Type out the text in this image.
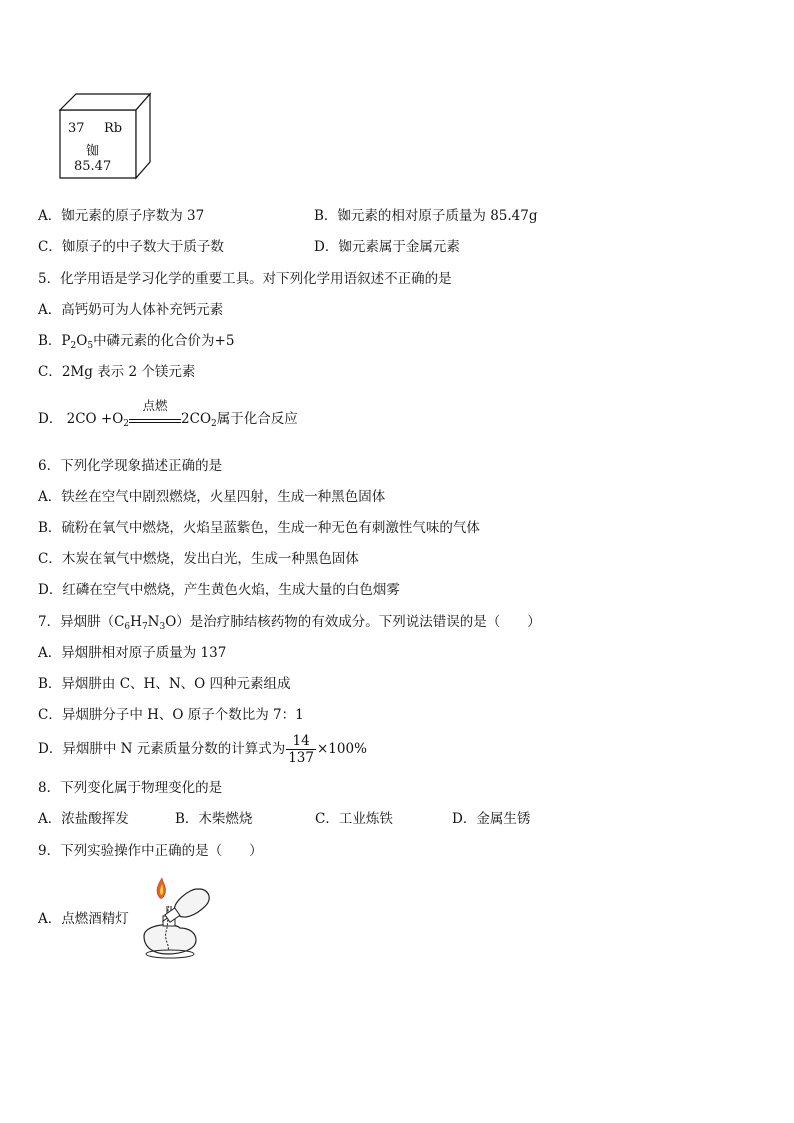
37 Rb
铷
85.47
A．铷元素的原子序数为 37	B．铷元素的相对原子质量为 85.47g
C．铷原子的中子数大于质子数	D．铷元素属于金属元素
5．化学用语是学习化学的重要工具。对下列化学用语叙述不正确的是
A．高钙奶可为人体补充钙元素
B．$P_2O_5$中磷元素的化合价为+5
C．2Mg 表示 2 个镁元素
D． $2CO +O_2$
点燃
$2CO_2$属于化合反应
6．下列化学现象描述正确的是
A．铁丝在空气中剧烈燃烧，火星四射，生成一种黑色固体
B．硫粉在氧气中燃烧，火焰呈蓝紫色，生成一种无色有刺激性气味的气体
C．木炭在氧气中燃烧，发出白光，生成一种黑色固体
D．红磷在空气中燃烧，产生黄色火焰，生成大量的白色烟雾
7．异烟肼$(C_6H_7N_3O)$是治疗肺结核药物的有效成分。下列说法错误的是（　　）
A．异烟肼相对原子质量为 137
B．异烟肼由 C、H、N、O 四种元素组成
C．异烟肼分子中 H、O 原子个数比为 7：1
D．异烟肼中 N 元素质量分数的计算式为 $\frac{14}{137} \times 100\%$
8．下列变化属于物理变化的是
A．浓盐酸挥发	B．木柴燃烧	C．工业炼铁	D．金属生锈
9．下列实验操作中正确的是（　　）
A．点燃酒精灯
